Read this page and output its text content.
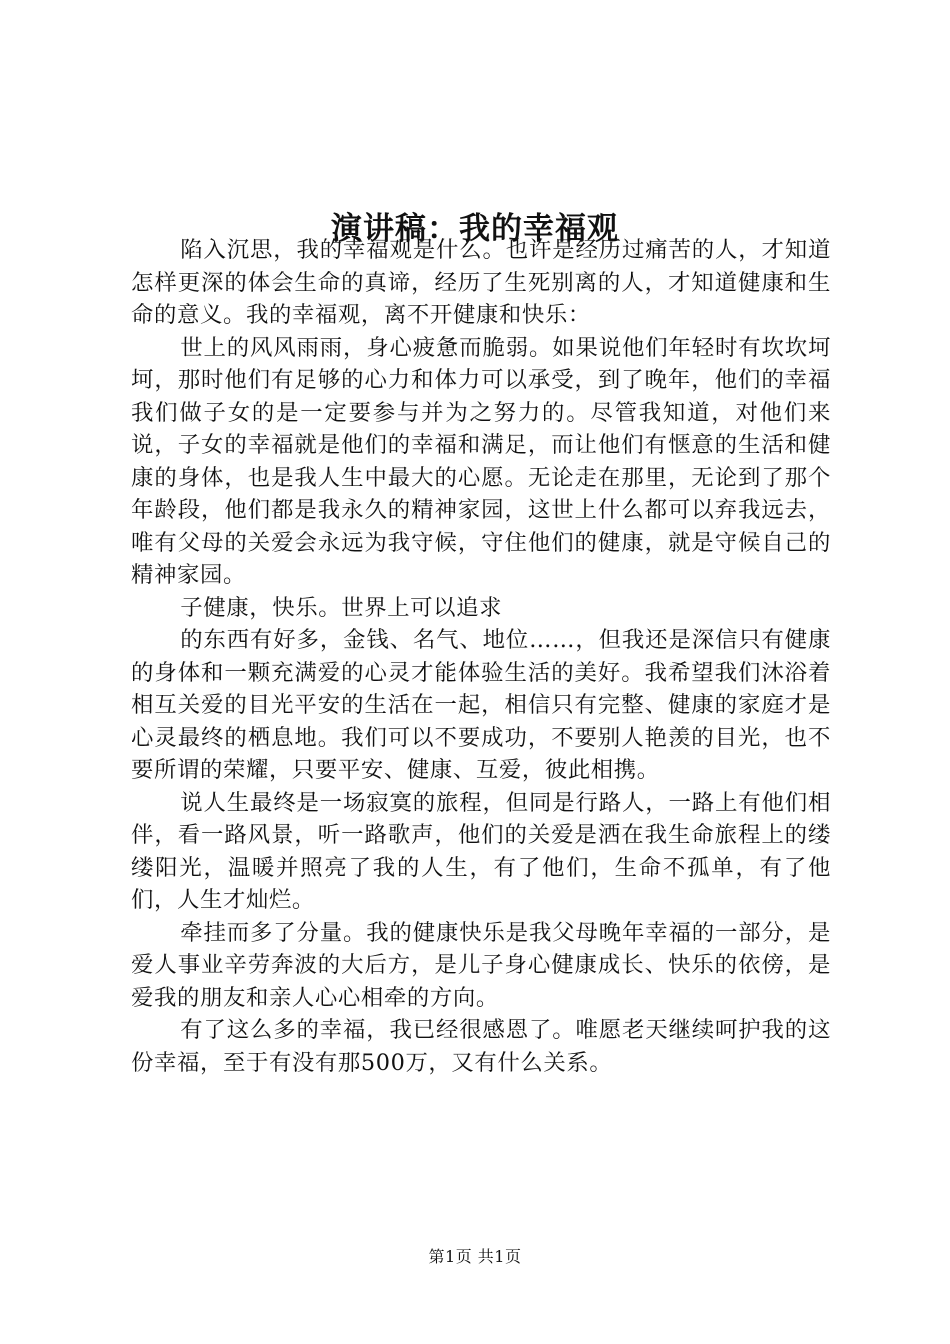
演讲稿：我的幸福观

陷入沉思，我的幸福观是什么。也许是经历过痛苦的人，才知道怎样更深的体会生命的真谛，经历了生死别离的人，才知道健康和生命的意义。我的幸福观，离不开健康和快乐：

世上的风风雨雨，身心疲惫而脆弱。如果说他们年轻时有坎坎坷坷，那时他们有足够的心力和体力可以承受，到了晚年，他们的幸福我们做子女的是一定要参与并为之努力的。尽管我知道，对他们来说，子女的幸福就是他们的幸福和满足，而让他们有惬意的生活和健康的身体，也是我人生中最大的心愿。无论走在那里，无论到了那个年龄段，他们都是我永久的精神家园，这世上什么都可以弃我远去，唯有父母的关爱会永远为我守候，守住他们的健康，就是守候自己的精神家园。

子健康，快乐。世界上可以追求

的东西有好多，金钱、名气、地位……，但我还是深信只有健康的身体和一颗充满爱的心灵才能体验生活的美好。我希望我们沐浴着相互关爱的目光平安的生活在一起，相信只有完整、健康的家庭才是心灵最终的栖息地。我们可以不要成功，不要别人艳羡的目光，也不要所谓的荣耀，只要平安、健康、互爱，彼此相携。

说人生最终是一场寂寞的旅程，但同是行路人，一路上有他们相伴，看一路风景，听一路歌声，他们的关爱是洒在我生命旅程上的缕缕阳光，温暖并照亮了我的人生，有了他们，生命不孤单，有了他们，人生才灿烂。

牵挂而多了分量。我的健康快乐是我父母晚年幸福的一部分，是爱人事业辛劳奔波的大后方，是儿子身心健康成长、快乐的依傍，是爱我的朋友和亲人心心相牵的方向。

有了这么多的幸福，我已经很感恩了。唯愿老天继续呵护我的这份幸福，至于有没有那500万，又有什么关系。

第1页 共1页
